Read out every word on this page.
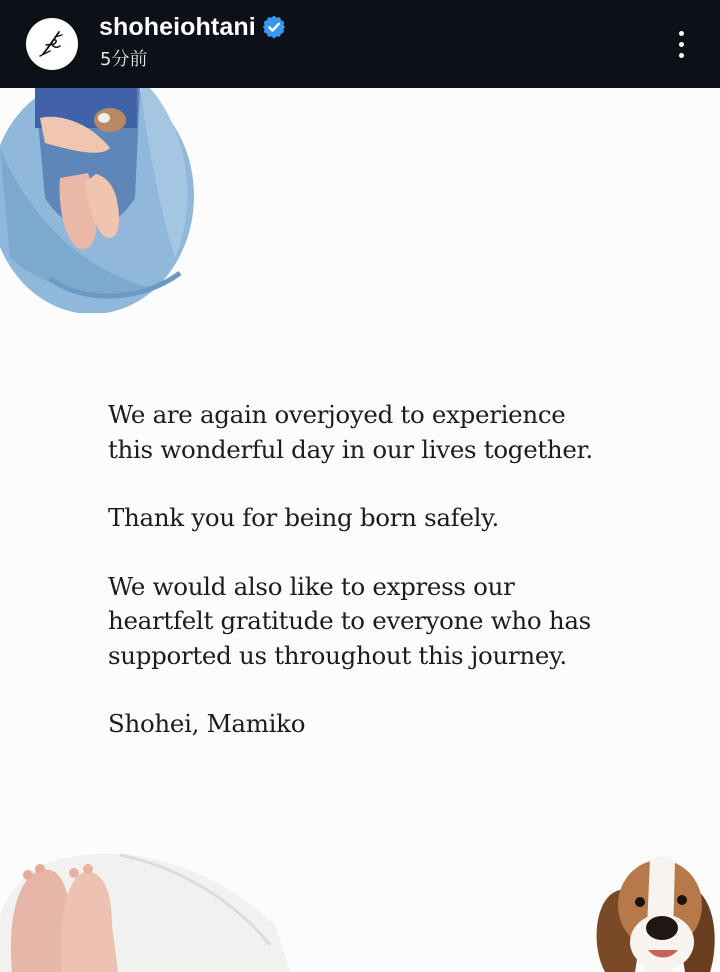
shoheiohtani
5分前

We are again overjoyed to experience
this wonderful day in our lives together.

Thank you for being born safely.

We would also like to express our
heartfelt gratitude to everyone who has
supported us throughout this journey.

Shohei, Mamiko
